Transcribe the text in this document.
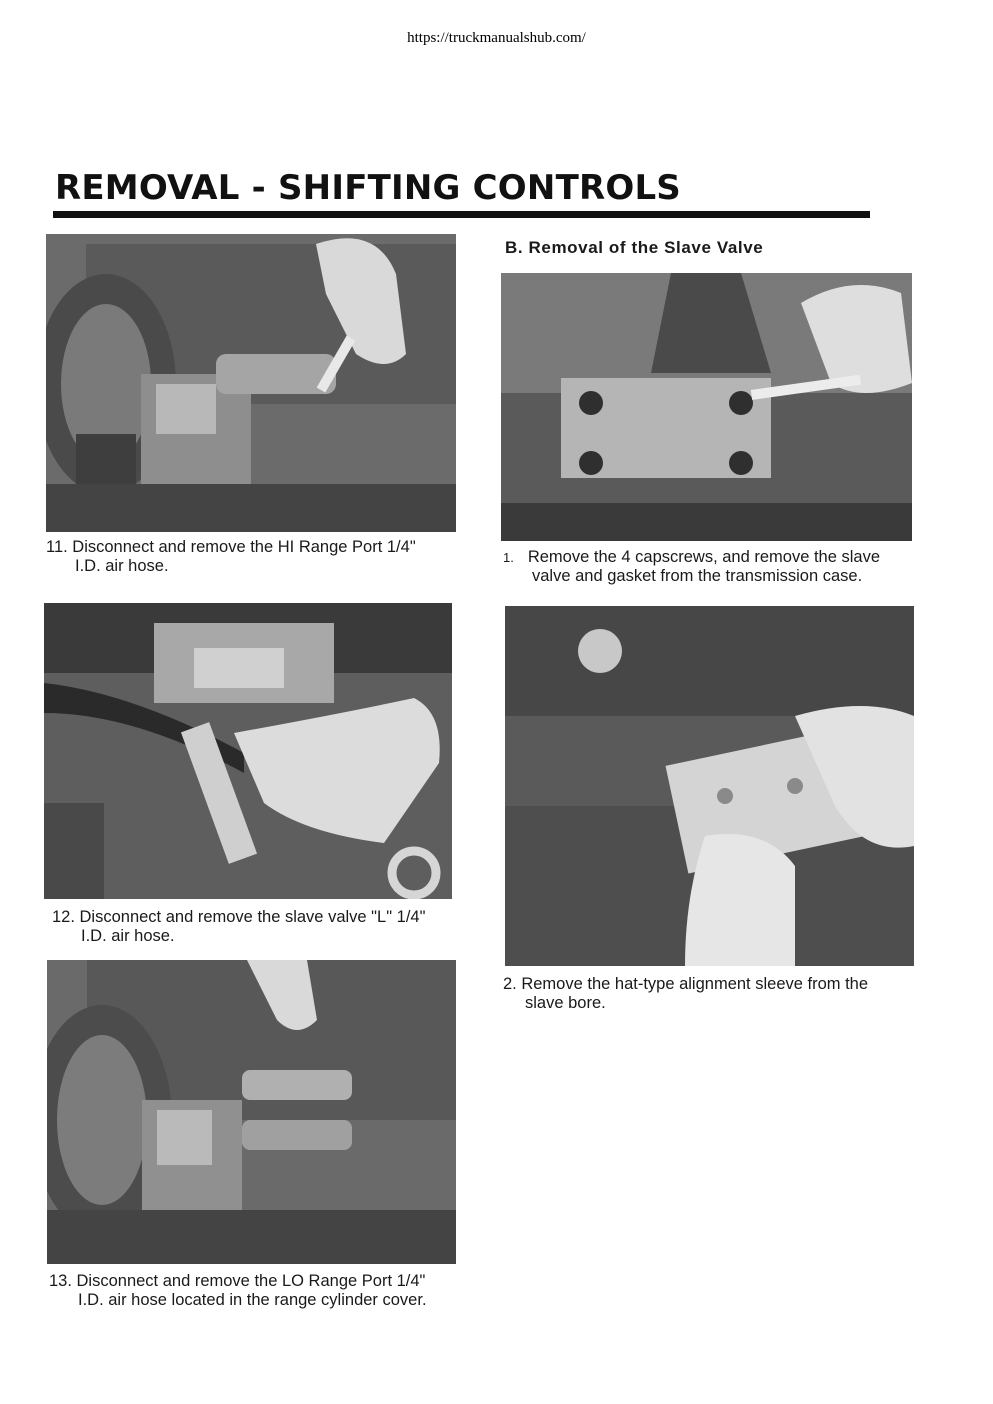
https://truckmanualshub.com/
REMOVAL - SHIFTING CONTROLS
11. Disconnect and remove the HI Range Port 1/4"
I.D. air hose.
12. Disconnect and remove the slave valve "L" 1/4"
I.D. air hose.
13. Disconnect and remove the LO Range Port 1/4"
I.D. air hose located in the range cylinder cover.
B. Removal of the Slave Valve
1. Remove the 4 capscrews, and remove the slave
valve and gasket from the transmission case.
2. Remove the hat-type alignment sleeve from the
slave bore.
